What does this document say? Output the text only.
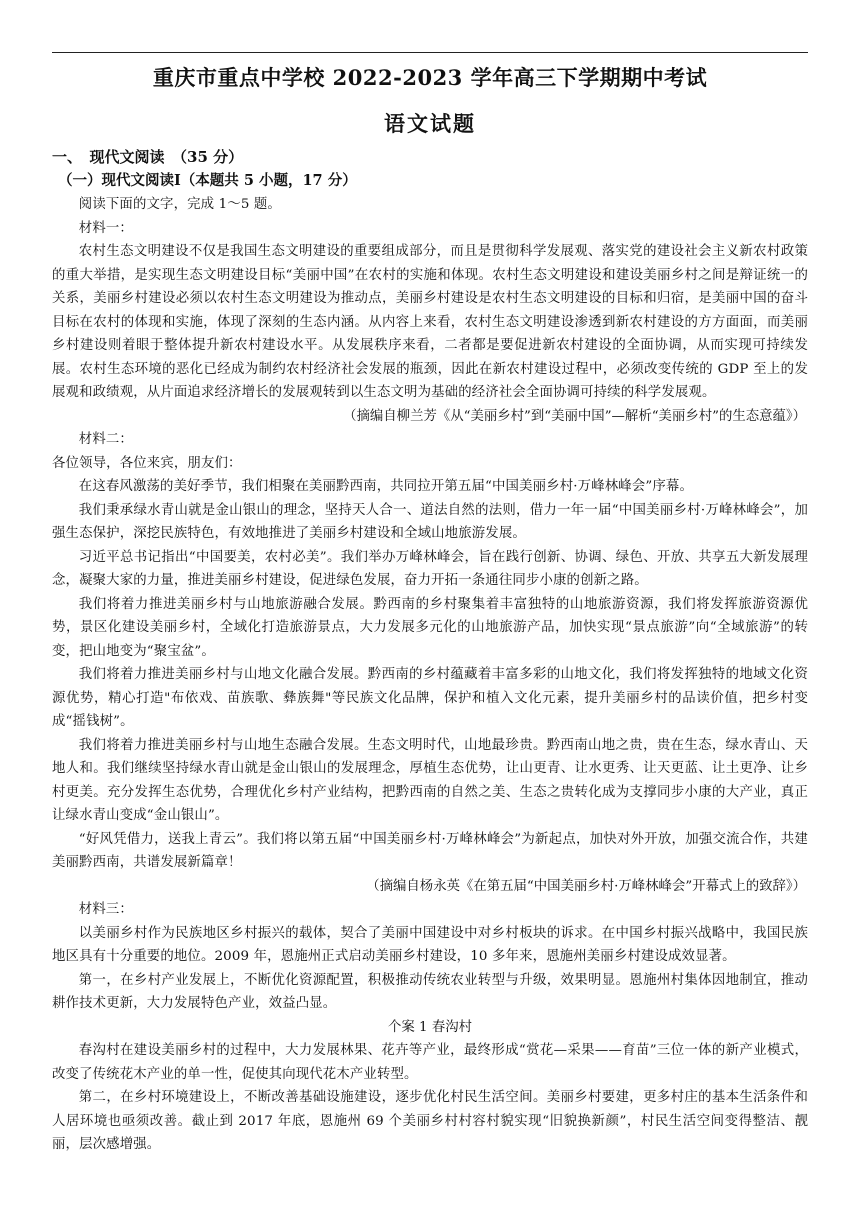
重庆市重点中学校 2022-2023 学年高三下学期期中考试
语文试题

一、　现代文阅读　（35 分）

（一）现代文阅读Ⅰ（本题共 5 小题，17 分）

阅读下面的文字，完成 1～5 题。

材料一：

农村生态文明建设不仅是我国生态文明建设的重要组成部分，而且是贯彻科学发展观、落实党的建设社会主义新农村政策的重大举措，是实现生态文明建设目标“美丽中国”在农村的实施和体现。农村生态文明建设和建设美丽乡村之间是辩证统一的关系，美丽乡村建设必须以农村生态文明建设为推动点，美丽乡村建设是农村生态文明建设的目标和归宿，是美丽中国的奋斗目标在农村的体现和实施，体现了深刻的生态内涵。从内容上来看，农村生态文明建设渗透到新农村建设的方方面面，而美丽乡村建设则着眼于整体提升新农村建设水平。从发展秩序来看，二者都是要促进新农村建设的全面协调，从而实现可持续发展。农村生态环境的恶化已经成为制约农村经济社会发展的瓶颈，因此在新农村建设过程中，必须改变传统的 GDP 至上的发展观和政绩观，从片面追求经济增长的发展观转到以生态文明为基础的经济社会全面协调可持续的科学发展观。

（摘编自柳兰芳《从“美丽乡村”到“美丽中国”—解析“美丽乡村”的生态意蕴》）

材料二：

各位领导，各位来宾，朋友们：

在这春风激荡的美好季节，我们相聚在美丽黔西南，共同拉开第五届“中国美丽乡村·万峰林峰会”序幕。

我们秉承绿水青山就是金山银山的理念，坚持天人合一、道法自然的法则，借力一年一届“中国美丽乡村·万峰林峰会”，加强生态保护，深挖民族特色，有效地推进了美丽乡村建设和全域山地旅游发展。

习近平总书记指出“中国要美，农村必美”。我们举办万峰林峰会，旨在践行创新、协调、绿色、开放、共享五大新发展理念，凝聚大家的力量，推进美丽乡村建设，促进绿色发展，奋力开拓一条通往同步小康的创新之路。

我们将着力推进美丽乡村与山地旅游融合发展。黔西南的乡村聚集着丰富独特的山地旅游资源，我们将发挥旅游资源优势，景区化建设美丽乡村，全域化打造旅游景点，大力发展多元化的山地旅游产品，加快实现“景点旅游”向“全域旅游”的转变，把山地变为“聚宝盆”。

我们将着力推进美丽乡村与山地文化融合发展。黔西南的乡村蕴藏着丰富多彩的山地文化，我们将发挥独特的地域文化资源优势，精心打造"布依戏、苗族歌、彝族舞"等民族文化品牌，保护和植入文化元素，提升美丽乡村的品读价值，把乡村变成“摇钱树”。

我们将着力推进美丽乡村与山地生态融合发展。生态文明时代，山地最珍贵。黔西南山地之贵，贵在生态，绿水青山、天地人和。我们继续坚持绿水青山就是金山银山的发展理念，厚植生态优势，让山更青、让水更秀、让天更蓝、让土更净、让乡村更美。充分发挥生态优势，合理优化乡村产业结构，把黔西南的自然之美、生态之贵转化成为支撑同步小康的大产业，真正让绿水青山变成“金山银山”。

“好风凭借力，送我上青云”。我们将以第五届“中国美丽乡村·万峰林峰会”为新起点，加快对外开放，加强交流合作，共建美丽黔西南，共谱发展新篇章！

（摘编自杨永英《在第五届“中国美丽乡村·万峰林峰会”开幕式上的致辞》）

材料三：

以美丽乡村作为民族地区乡村振兴的载体，契合了美丽中国建设中对乡村板块的诉求。在中国乡村振兴战略中，我国民族地区具有十分重要的地位。2009 年，恩施州正式启动美丽乡村建设，10 多年来，恩施州美丽乡村建设成效显著。

第一，在乡村产业发展上，不断优化资源配置，积极推动传统农业转型与升级，效果明显。恩施州村集体因地制宜，推动耕作技术更新，大力发展特色产业，效益凸显。

个案 1 春沟村

春沟村在建设美丽乡村的过程中，大力发展林果、花卉等产业，最终形成“赏花—采果——育苗”三位一体的新产业模式，改变了传统花木产业的单一性，促使其向现代花木产业转型。

第二，在乡村环境建设上，不断改善基础设施建设，逐步优化村民生活空间。美丽乡村要建，更多村庄的基本生活条件和人居环境也亟须改善。截止到 2017 年底，恩施州 69 个美丽乡村村容村貌实现“旧貌换新颜”，村民生活空间变得整洁、靓丽，层次感增强。
